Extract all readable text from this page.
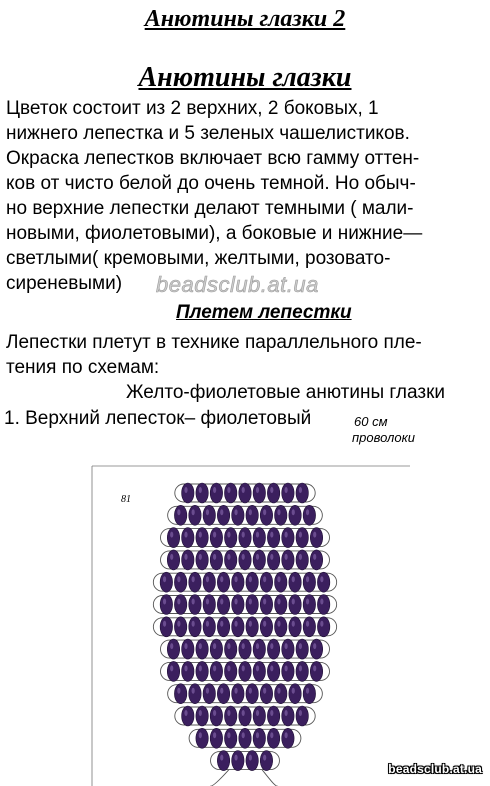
Анютины глазки 2
Анютины глазки
Цветок состоит из 2 верхних, 2 боковых, 1
нижнего лепестка и 5 зеленых чашелистиков.
Окраска лепестков включает всю гамму оттен-
ков от чисто белой до очень темной. Но обыч-
но верхние лепестки делают темными ( мали-
новыми, фиолетовыми), а боковые и нижние—
светлыми( кремовыми, желтыми, розовато-
сиреневыми)	beadsclub.at.ua
Плетем лепестки
Лепестки плетут в технике параллельного пле-
тения по схемам:
Желто-фиолетовые анютины глазки
1. Верхний лепесток– фиолетовый	60 см
проволоки
81
beadsclub.at.ua
